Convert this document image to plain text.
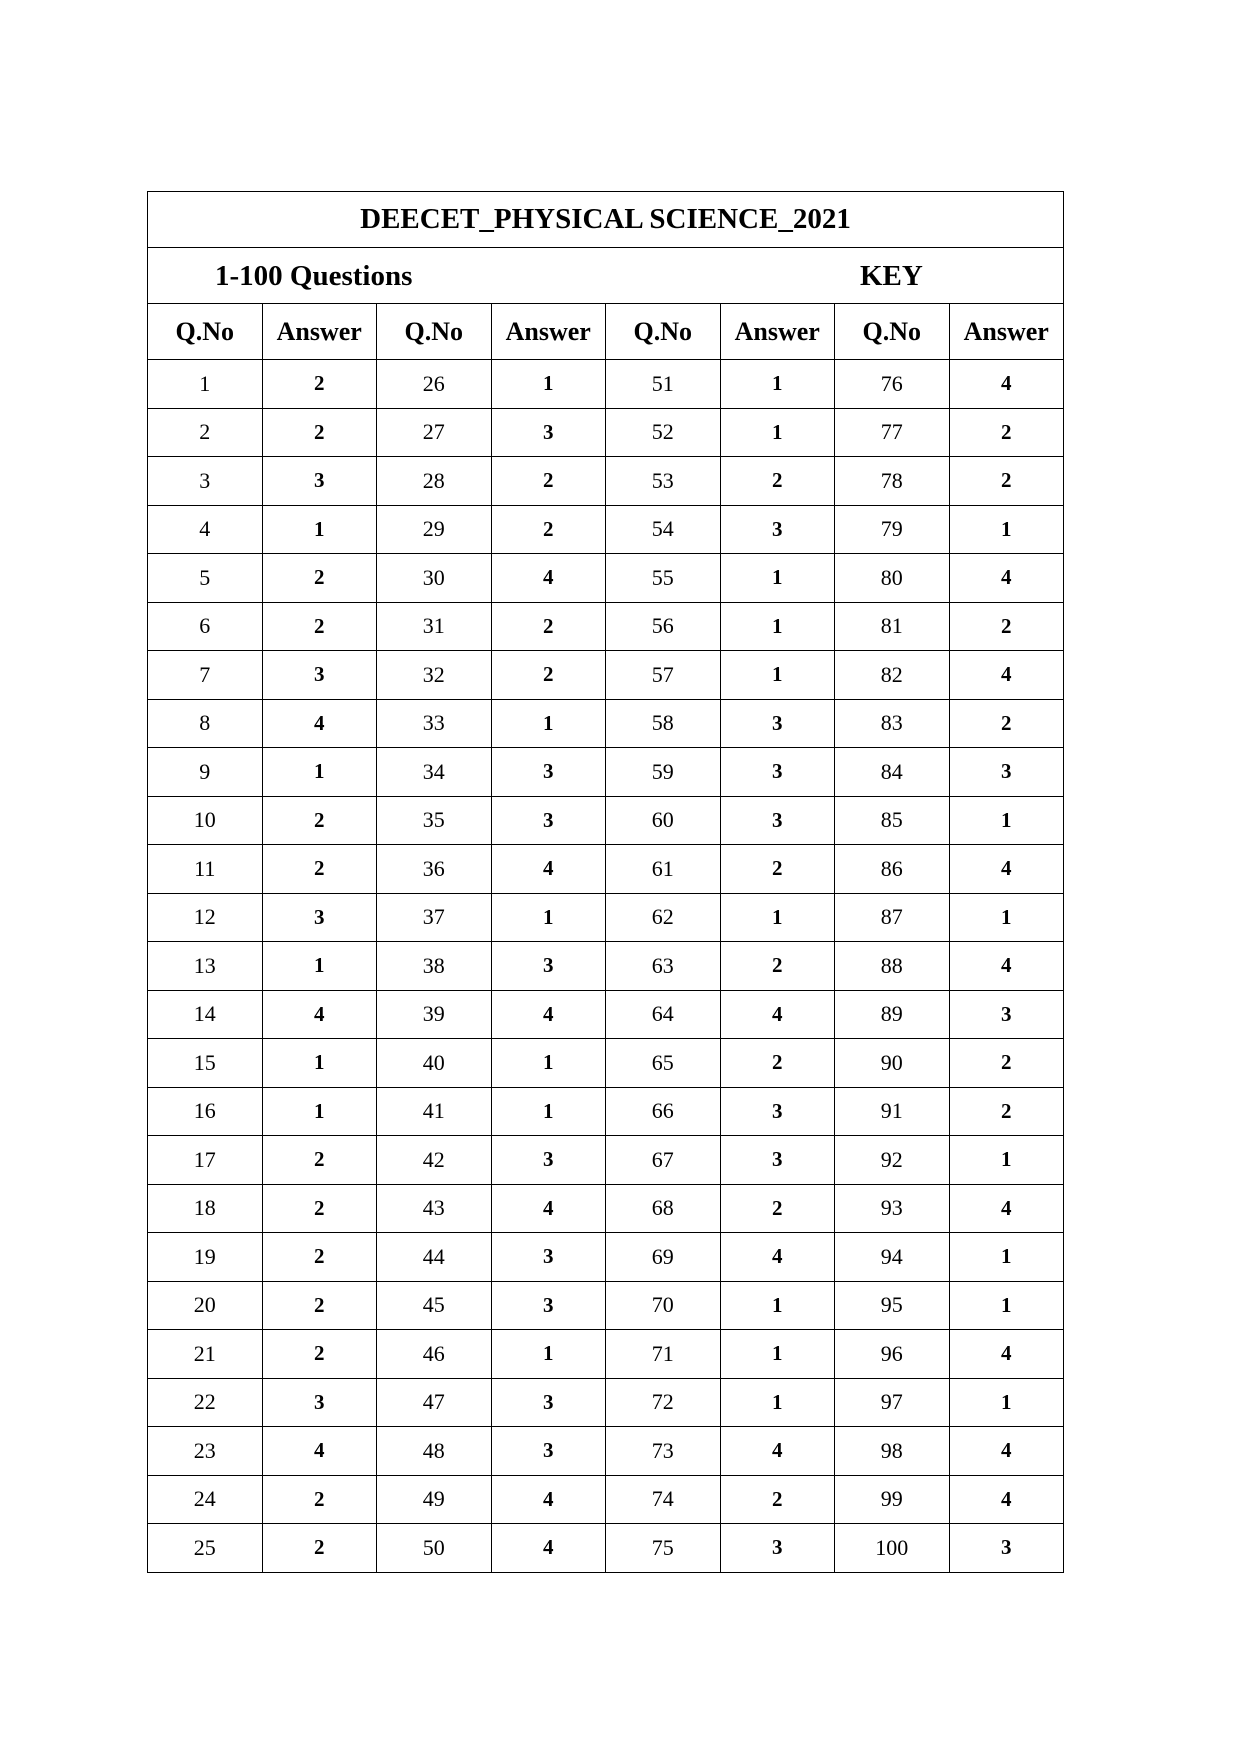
DEECET_PHYSICAL SCIENCE_2021							

1-100 Questions KEY							

Q.No	Answer	Q.No	Answer	Q.No	Answer	Q.No	Answer
1	2	26	1	51	1	76	4
2	2	27	3	52	1	77	2
3	3	28	2	53	2	78	2
4	1	29	2	54	3	79	1
5	2	30	4	55	1	80	4
6	2	31	2	56	1	81	2
7	3	32	2	57	1	82	4
8	4	33	1	58	3	83	2
9	1	34	3	59	3	84	3
10	2	35	3	60	3	85	1
11	2	36	4	61	2	86	4
12	3	37	1	62	1	87	1
13	1	38	3	63	2	88	4
14	4	39	4	64	4	89	3
15	1	40	1	65	2	90	2
16	1	41	1	66	3	91	2
17	2	42	3	67	3	92	1
18	2	43	4	68	2	93	4
19	2	44	3	69	4	94	1
20	2	45	3	70	1	95	1
21	2	46	1	71	1	96	4
22	3	47	3	72	1	97	1
23	4	48	3	73	4	98	4
24	2	49	4	74	2	99	4
25	2	50	4	75	3	100	3
